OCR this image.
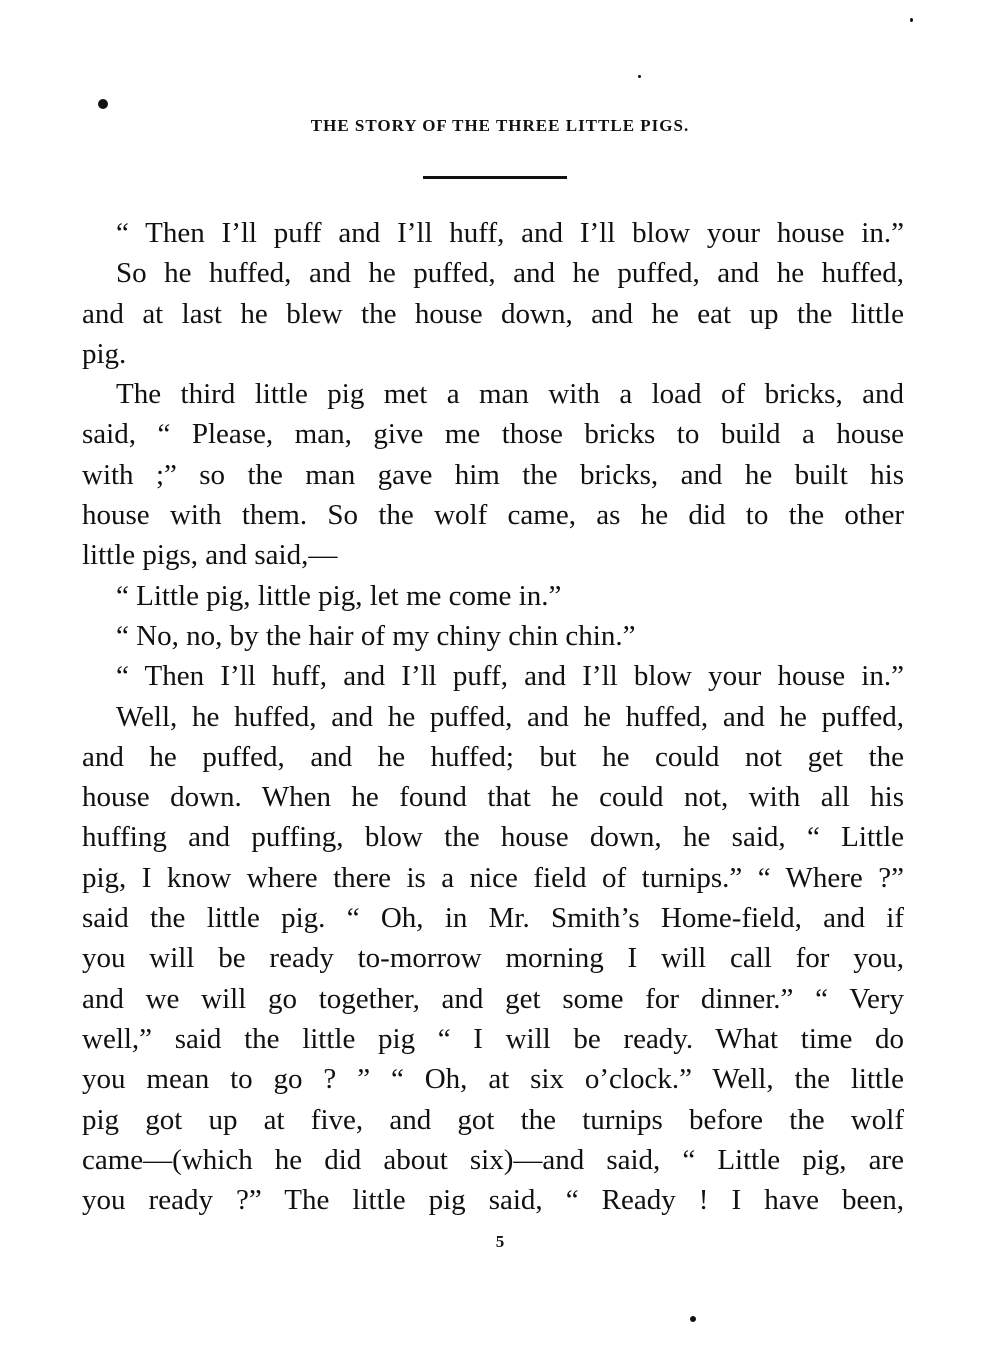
THE STORY OF THE THREE LITTLE PIGS.
“ Then I’ll puff and I’ll huff, and I’ll blow your house in.”
So he huffed, and he puffed, and he puffed, and he huffed,
and at last he blew the house down, and he eat up the little
pig.
The third little pig met a man with a load of bricks, and
said, “ Please, man, give me those bricks to build a house
with ;” so the man gave him the bricks, and he built his
house with them. So the wolf came, as he did to the other
little pigs, and said,—
“ Little pig, little pig, let me come in.”
“ No, no, by the hair of my chiny chin chin.”
“ Then I’ll huff, and I’ll puff, and I’ll blow your house in.”
Well, he huffed, and he puffed, and he huffed, and he puffed,
and he puffed, and he huffed; but he could not get the
house down. When he found that he could not, with all his
huffing and puffing, blow the house down, he said, “ Little
pig, I know where there is a nice field of turnips.” “ Where ?”
said the little pig. “ Oh, in Mr. Smith’s Home-field, and if
you will be ready to-morrow morning I will call for you,
and we will go together, and get some for dinner.” “ Very
well,” said the little pig “ I will be ready. What time do
you mean to go ? ” “ Oh, at six o’clock.” Well, the little
pig got up at five, and got the turnips before the wolf
came—(which he did about six)—and said, “ Little pig, are
you ready ?” The little pig said, “ Ready ! I have been,
5
